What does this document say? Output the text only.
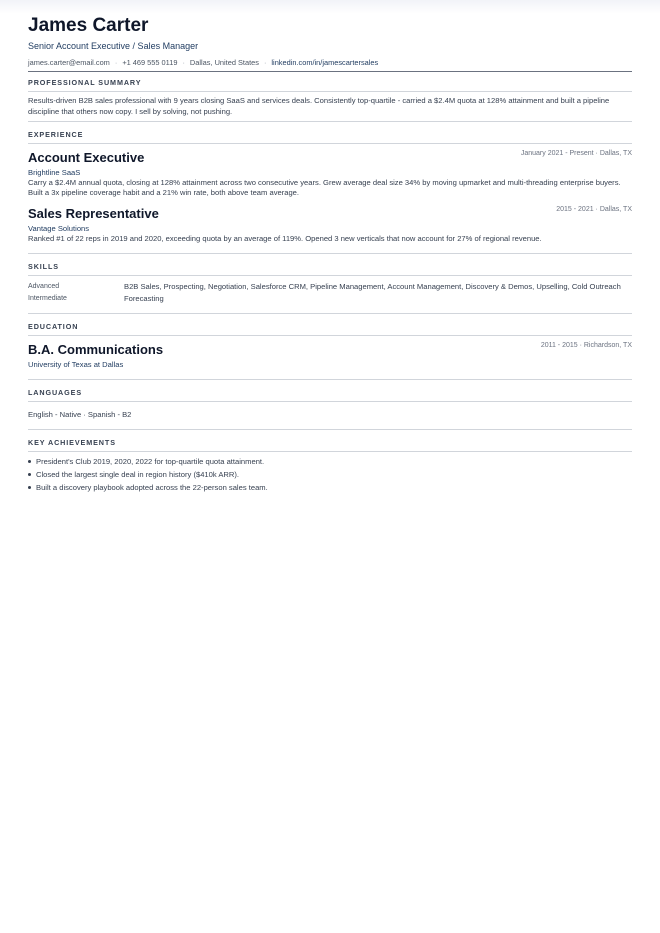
James Carter
Senior Account Executive / Sales Manager
james.carter@email.com · +1 469 555 0119 · Dallas, United States · linkedin.com/in/jamescartersales
PROFESSIONAL SUMMARY
Results-driven B2B sales professional with 9 years closing SaaS and services deals. Consistently top-quartile - carried a $2.4M quota at 128% attainment and built a pipeline discipline that others now copy. I sell by solving, not pushing.
EXPERIENCE
Account Executive	January 2021 - Present · Dallas, TX
Brightline SaaS
Carry a $2.4M annual quota, closing at 128% attainment across two consecutive years. Grew average deal size 34% by moving upmarket and multi-threading enterprise buyers. Built a 3x pipeline coverage habit and a 21% win rate, both above team average.
Sales Representative	2015 - 2021 · Dallas, TX
Vantage Solutions
Ranked #1 of 22 reps in 2019 and 2020, exceeding quota by an average of 119%. Opened 3 new verticals that now account for 27% of regional revenue.
SKILLS
Advanced	B2B Sales, Prospecting, Negotiation, Salesforce CRM, Pipeline Management, Account Management, Discovery & Demos, Upselling, Cold Outreach
Intermediate	Forecasting
EDUCATION
B.A. Communications	2011 - 2015 · Richardson, TX
University of Texas at Dallas
LANGUAGES
English - Native · Spanish - B2
KEY ACHIEVEMENTS
President's Club 2019, 2020, 2022 for top-quartile quota attainment.
Closed the largest single deal in region history ($410k ARR).
Built a discovery playbook adopted across the 22-person sales team.
